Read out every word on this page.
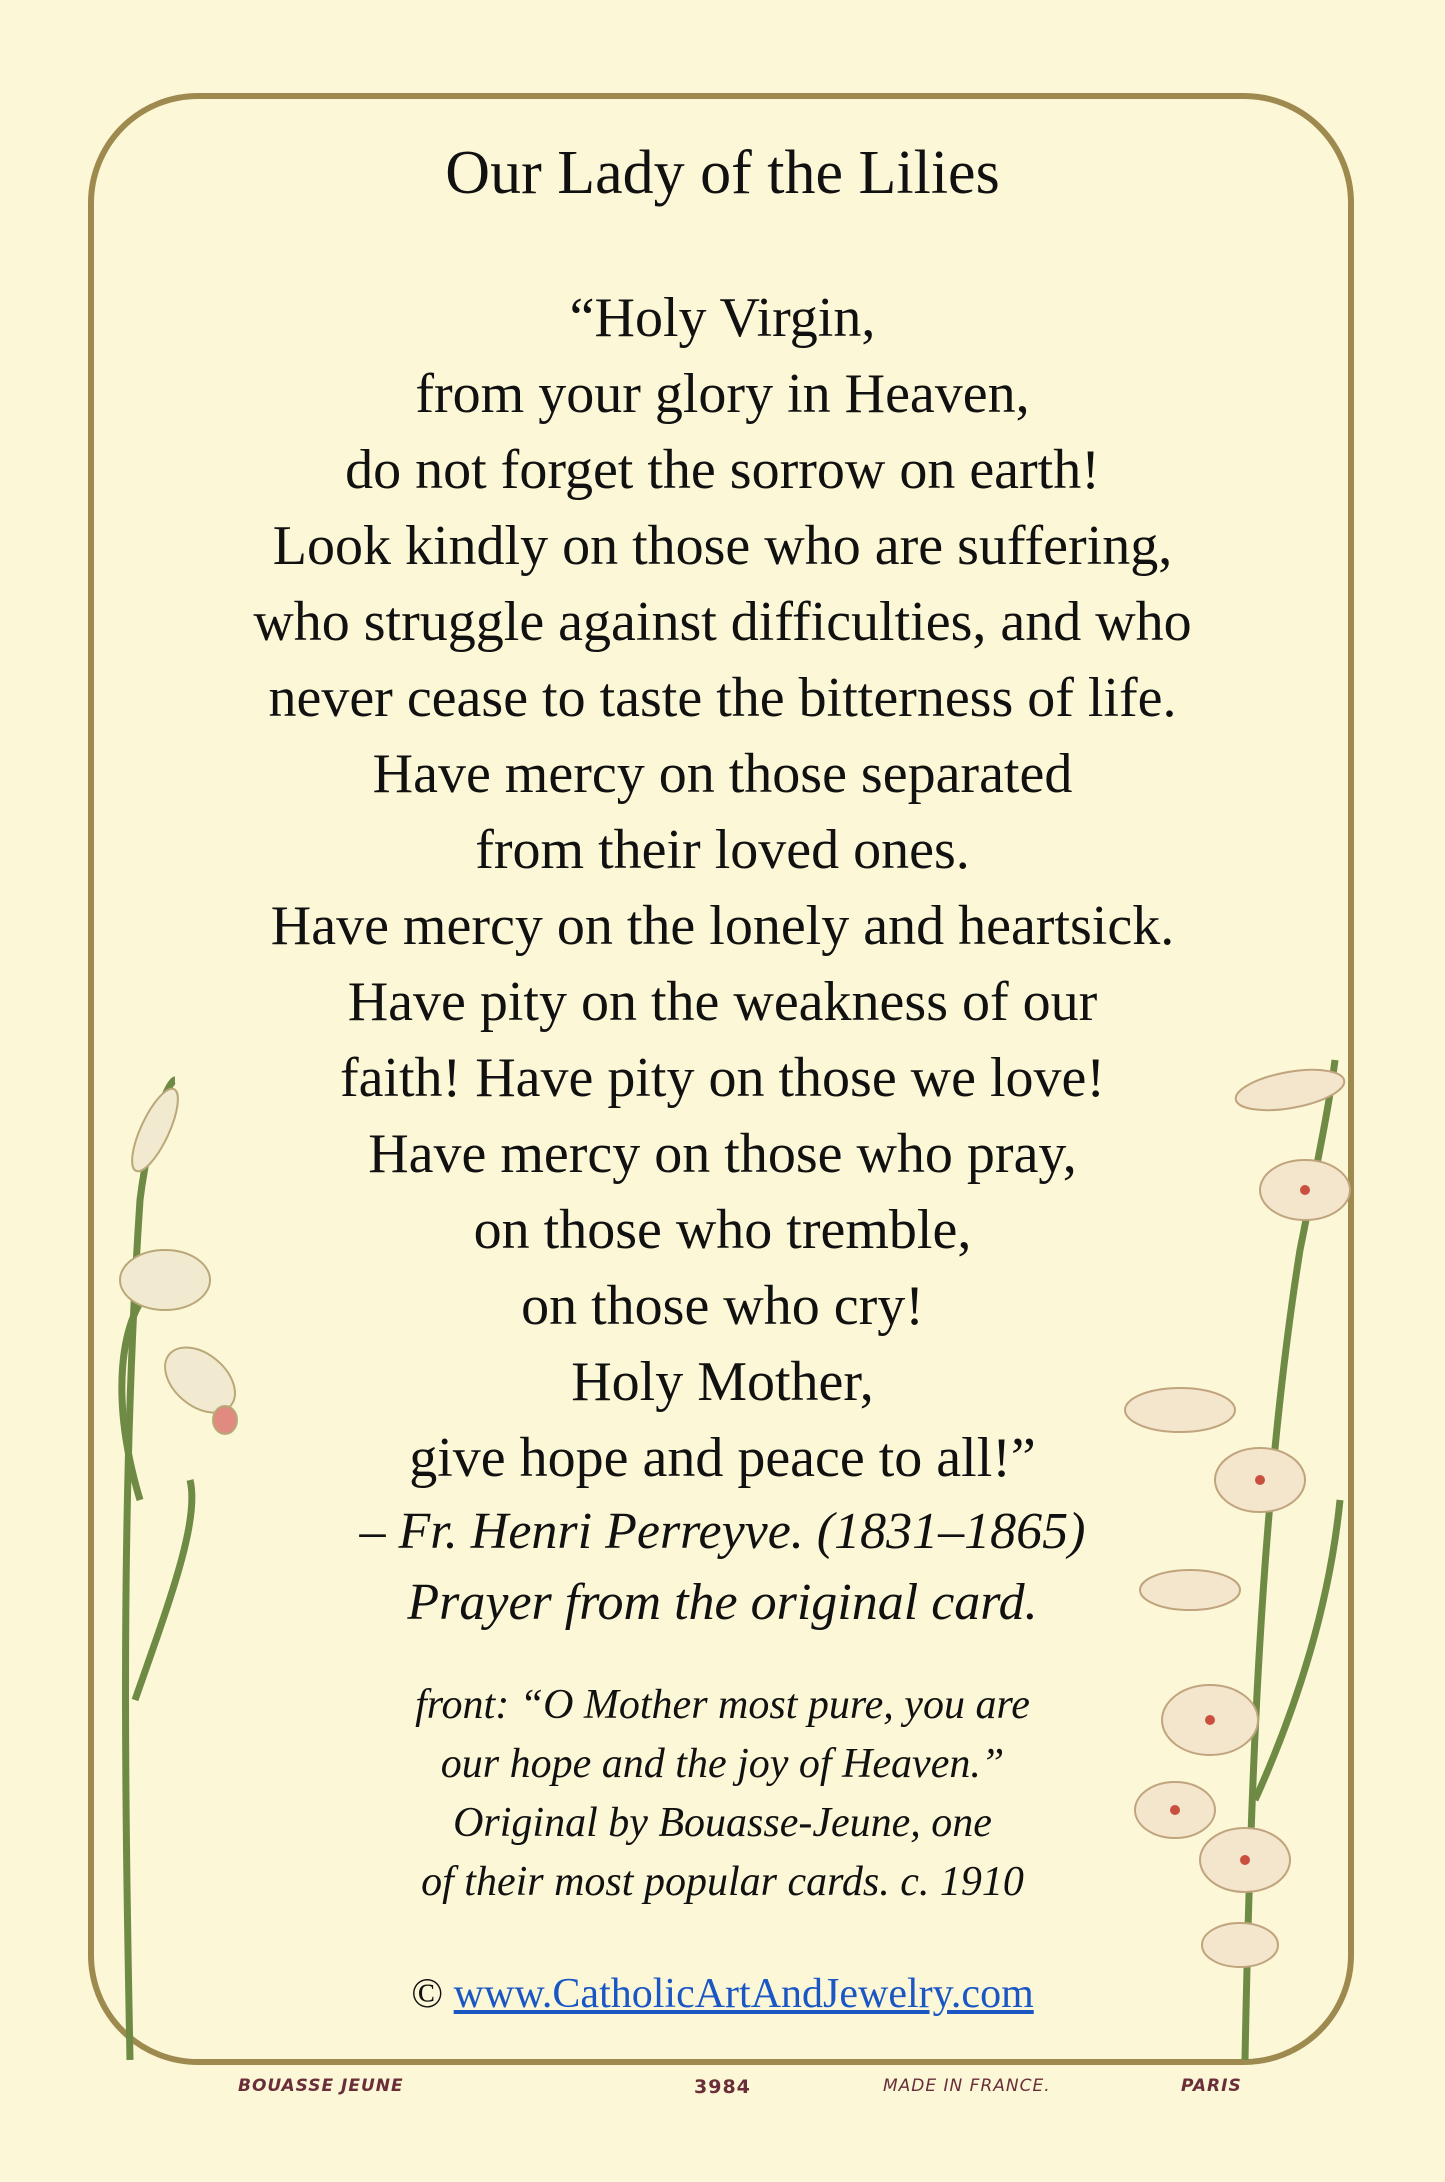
Our Lady of the Lilies
“Holy Virgin,
from your glory in Heaven,
do not forget the sorrow on earth!
Look kindly on those who are suffering,
who struggle against difficulties, and who
never cease to taste the bitterness of life.
Have mercy on those separated
from their loved ones.
Have mercy on the lonely and heartsick.
Have pity on the weakness of our
faith! Have pity on those we love!
Have mercy on those who pray,
on those who tremble,
on those who cry!
Holy Mother,
give hope and peace to all!”
– Fr. Henri Perreyve. (1831–1865)
Prayer from the original card.
front: “O Mother most pure, you are
our hope and the joy of Heaven.”
Original by Bouasse-Jeune, one
of their most popular cards. c. 1910
© www.CatholicArtAndJewelry.com
BOUASSE JEUNE	3984	MADE IN FRANCE.	PARIS
